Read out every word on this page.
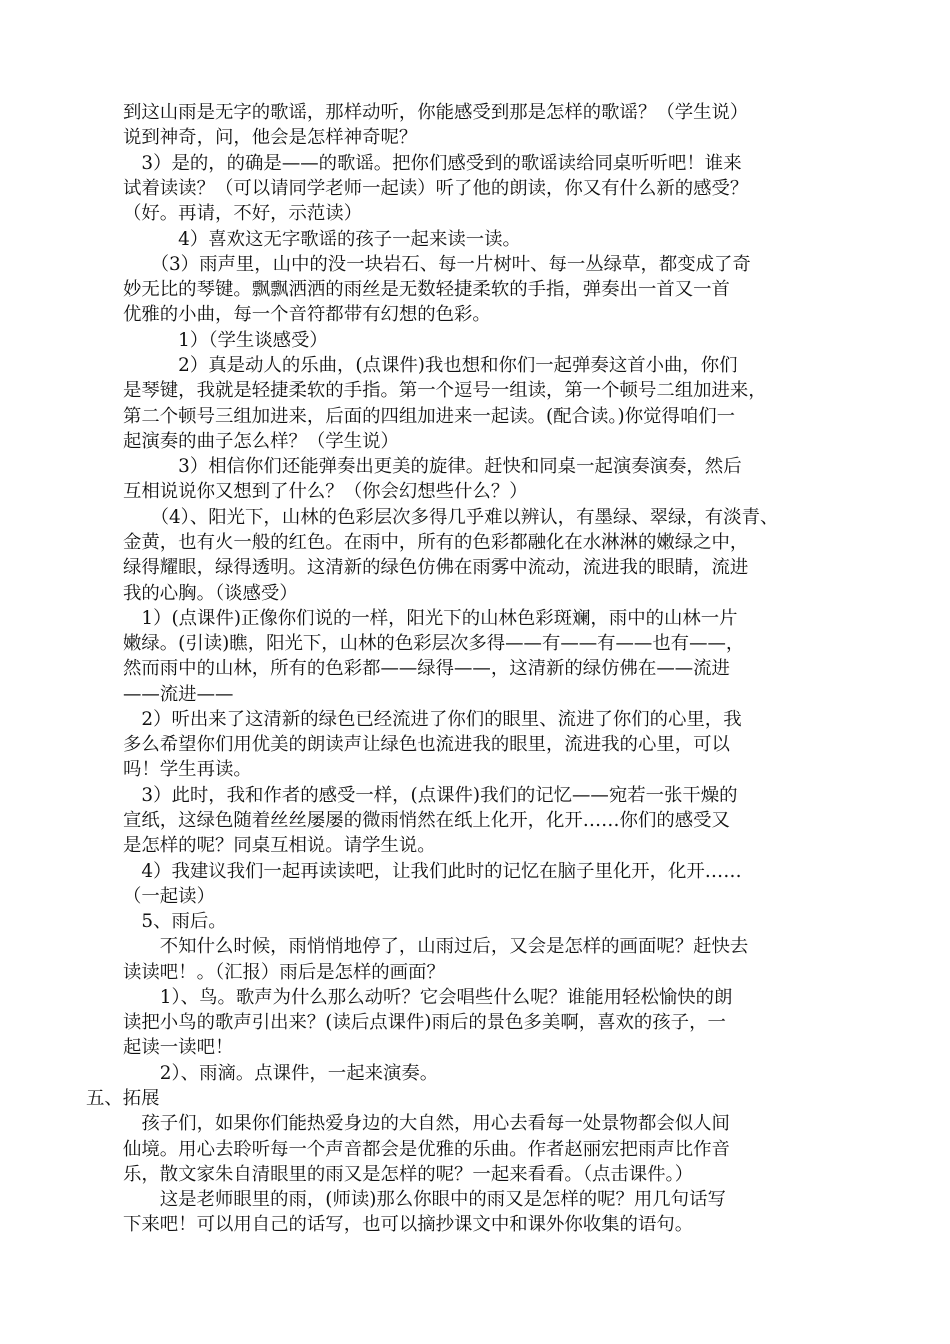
到这山雨是无字的歌谣，那样动听，你能感受到那是怎样的歌谣？（学生说）
说到神奇，问，他会是怎样神奇呢？
　3）是的，的确是——的歌谣。把你们感受到的歌谣读给同桌听听吧！谁来
试着读读？（可以请同学老师一起读）听了他的朗读，你又有什么新的感受？
（好。再请，不好，示范读）
　　　4）喜欢这无字歌谣的孩子一起来读一读。
　　（3）雨声里，山中的没一块岩石、每一片树叶、每一丛绿草，都变成了奇
妙无比的琴键。飘飘洒洒的雨丝是无数轻捷柔软的手指，弹奏出一首又一首
优雅的小曲，每一个音符都带有幻想的色彩。
　　　1）（学生谈感受）
　　　2）真是动人的乐曲，(点课件)我也想和你们一起弹奏这首小曲，你们
是琴键，我就是轻捷柔软的手指。第一个逗号一组读，第一个顿号二组加进来，
第二个顿号三组加进来，后面的四组加进来一起读。(配合读。)你觉得咱们一
起演奏的曲子怎么样？（学生说）
　　　3）相信你们还能弹奏出更美的旋律。赶快和同桌一起演奏演奏，然后
互相说说你又想到了什么？（你会幻想些什么？）
　　（4）、阳光下，山林的色彩层次多得几乎难以辨认，有墨绿、翠绿，有淡青、
金黄，也有火一般的红色。在雨中，所有的色彩都融化在水淋淋的嫩绿之中，
绿得耀眼，绿得透明。这清新的绿色仿佛在雨雾中流动，流进我的眼睛，流进
我的心胸。（谈感受）
　1）(点课件)正像你们说的一样，阳光下的山林色彩斑斓，雨中的山林一片
嫩绿。(引读)瞧，阳光下，山林的色彩层次多得——有——有——也有——，
然而雨中的山林，所有的色彩都——绿得——，这清新的绿仿佛在——流进
——流进——
　2）听出来了这清新的绿色已经流进了你们的眼里、流进了你们的心里，我
多么希望你们用优美的朗读声让绿色也流进我的眼里，流进我的心里，可以
吗！学生再读。
　3）此时，我和作者的感受一样，(点课件)我们的记忆——宛若一张干燥的
宣纸，这绿色随着丝丝屡屡的微雨悄然在纸上化开，化开……你们的感受又
是怎样的呢？同桌互相说。请学生说。
　4）我建议我们一起再读读吧，让我们此时的记忆在脑子里化开，化开……
（一起读）
　5、雨后。
　　不知什么时候，雨悄悄地停了，山雨过后，又会是怎样的画面呢？赶快去
读读吧！。（汇报）雨后是怎样的画面？
　　1）、鸟。歌声为什么那么动听？它会唱些什么呢？谁能用轻松愉快的朗
读把小鸟的歌声引出来？(读后点课件)雨后的景色多美啊，喜欢的孩子，一
起读一读吧！
　　2）、雨滴。点课件，一起来演奏。
五、拓展
　孩子们，如果你们能热爱身边的大自然，用心去看每一处景物都会似人间
仙境。用心去聆听每一个声音都会是优雅的乐曲。作者赵丽宏把雨声比作音
乐，散文家朱自清眼里的雨又是怎样的呢？一起来看看。（点击课件。）
　　这是老师眼里的雨，(师读)那么你眼中的雨又是怎样的呢？用几句话写
下来吧！可以用自己的话写，也可以摘抄课文中和课外你收集的语句。
